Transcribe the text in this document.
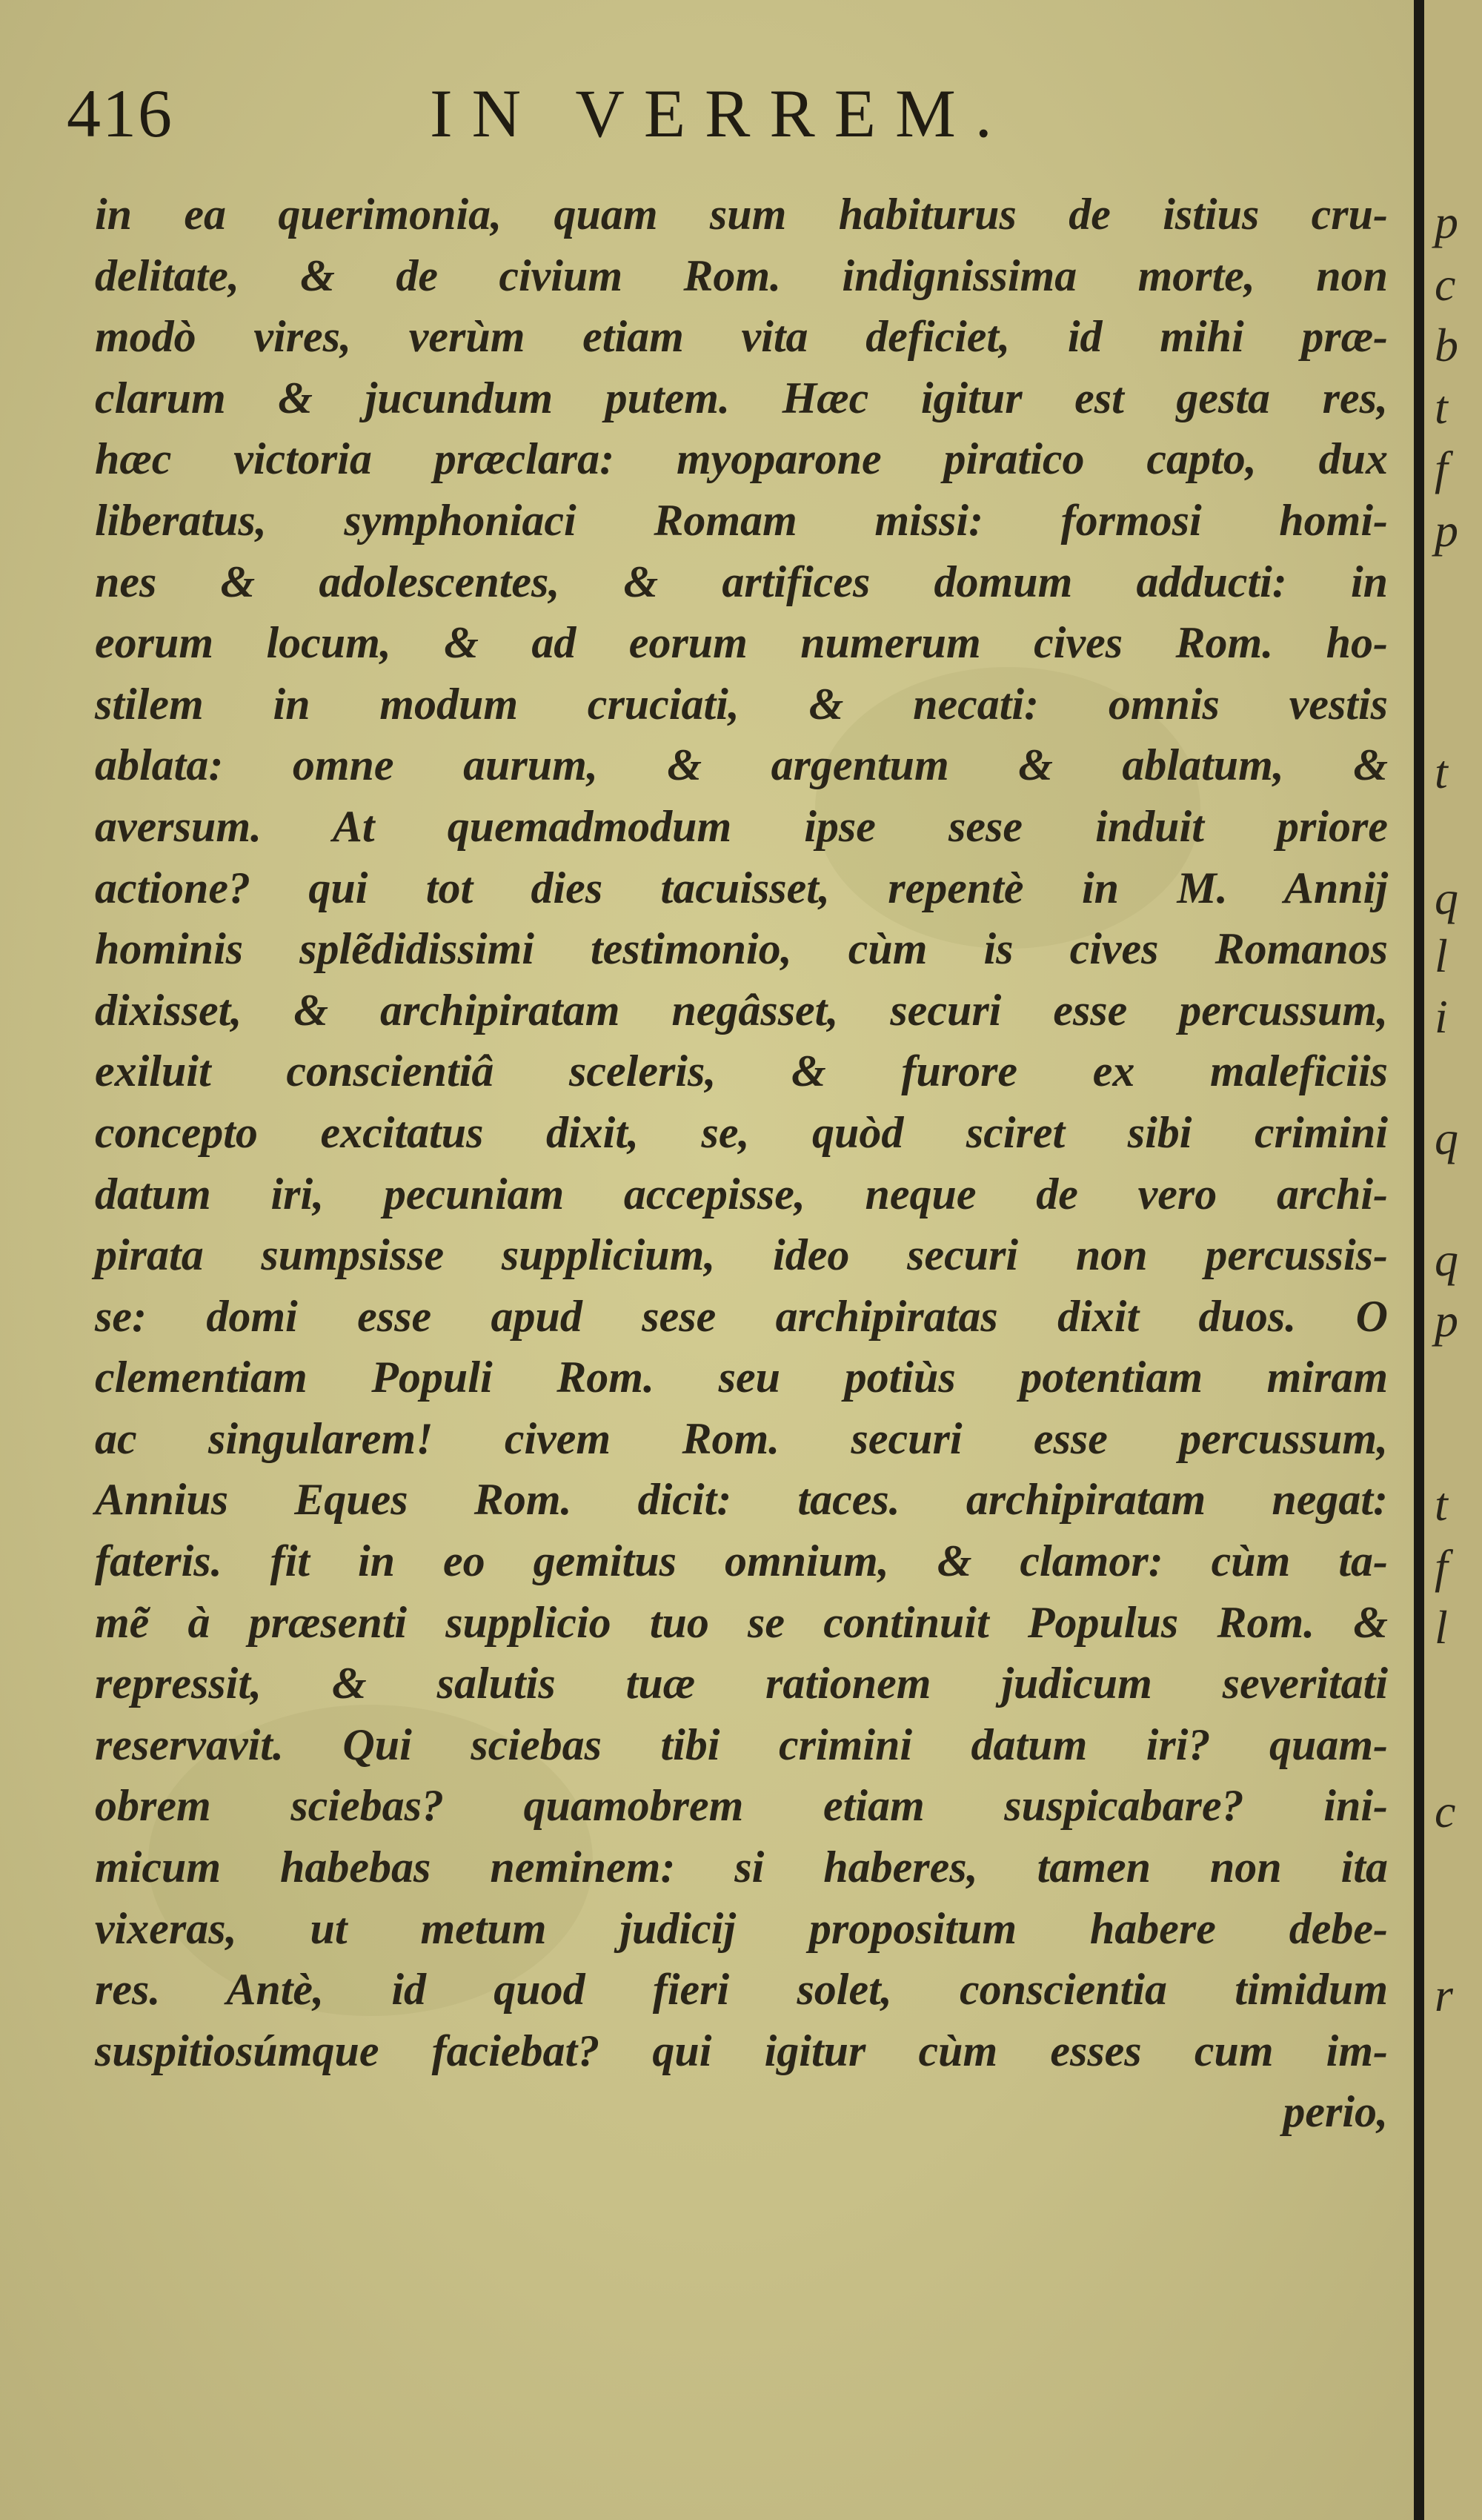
416	IN VERREM.
in ea querimonia, quam sum habiturus de istius cru-
delitate, & de civium Rom. indignissima morte, non
modò vires, verùm etiam vita deficiet, id mihi præ-
clarum & jucundum putem. Hæc igitur est gesta res,
hæc victoria præclara: myoparone piratico capto, dux
liberatus, symphoniaci Romam missi: formosi homi-
nes & adolescentes, & artifices domum adducti: in
eorum locum, & ad eorum numerum cives Rom. ho-
stilem in modum cruciati, & necati: omnis vestis
ablata: omne aurum, & argentum & ablatum, &
aversum. At quemadmodum ipse sese induit priore
actione? qui tot dies tacuisset, repentè in M. Annij
hominis splẽdidissimi testimonio, cùm is cives Romanos
dixisset, & archipiratam negâsset, securi esse percussum,
exiluit conscientiâ sceleris, & furore ex maleficiis
concepto excitatus dixit, se, quòd sciret sibi crimini
datum iri, pecuniam accepisse, neque de vero archi-
pirata sumpsisse supplicium, ideo securi non percussis-
se: domi esse apud sese archipiratas dixit duos. O
clementiam Populi Rom. seu potiùs potentiam miram
ac singularem! civem Rom. securi esse percussum,
Annius Eques Rom. dicit: taces. archipiratam negat:
fateris. fit in eo gemitus omnium, & clamor: cùm ta-
mẽ à præsenti supplicio tuo se continuit Populus Rom. &
repressit, & salutis tuæ rationem judicum severitati
reservavit. Qui sciebas tibi crimini datum iri? quam-
obrem sciebas? quamobrem etiam suspicabare? ini-
micum habebas neminem: si haberes, tamen non ita
vixeras, ut metum judicij propositum habere debe-
res. Antè, id quod fieri solet, conscientia timidum
suspitiosúmque faciebat? qui igitur cùm esses cum im-
perio,
p
c
b
t
f
p
t
q
l
i
q
q
p
t
f
l
c
r
